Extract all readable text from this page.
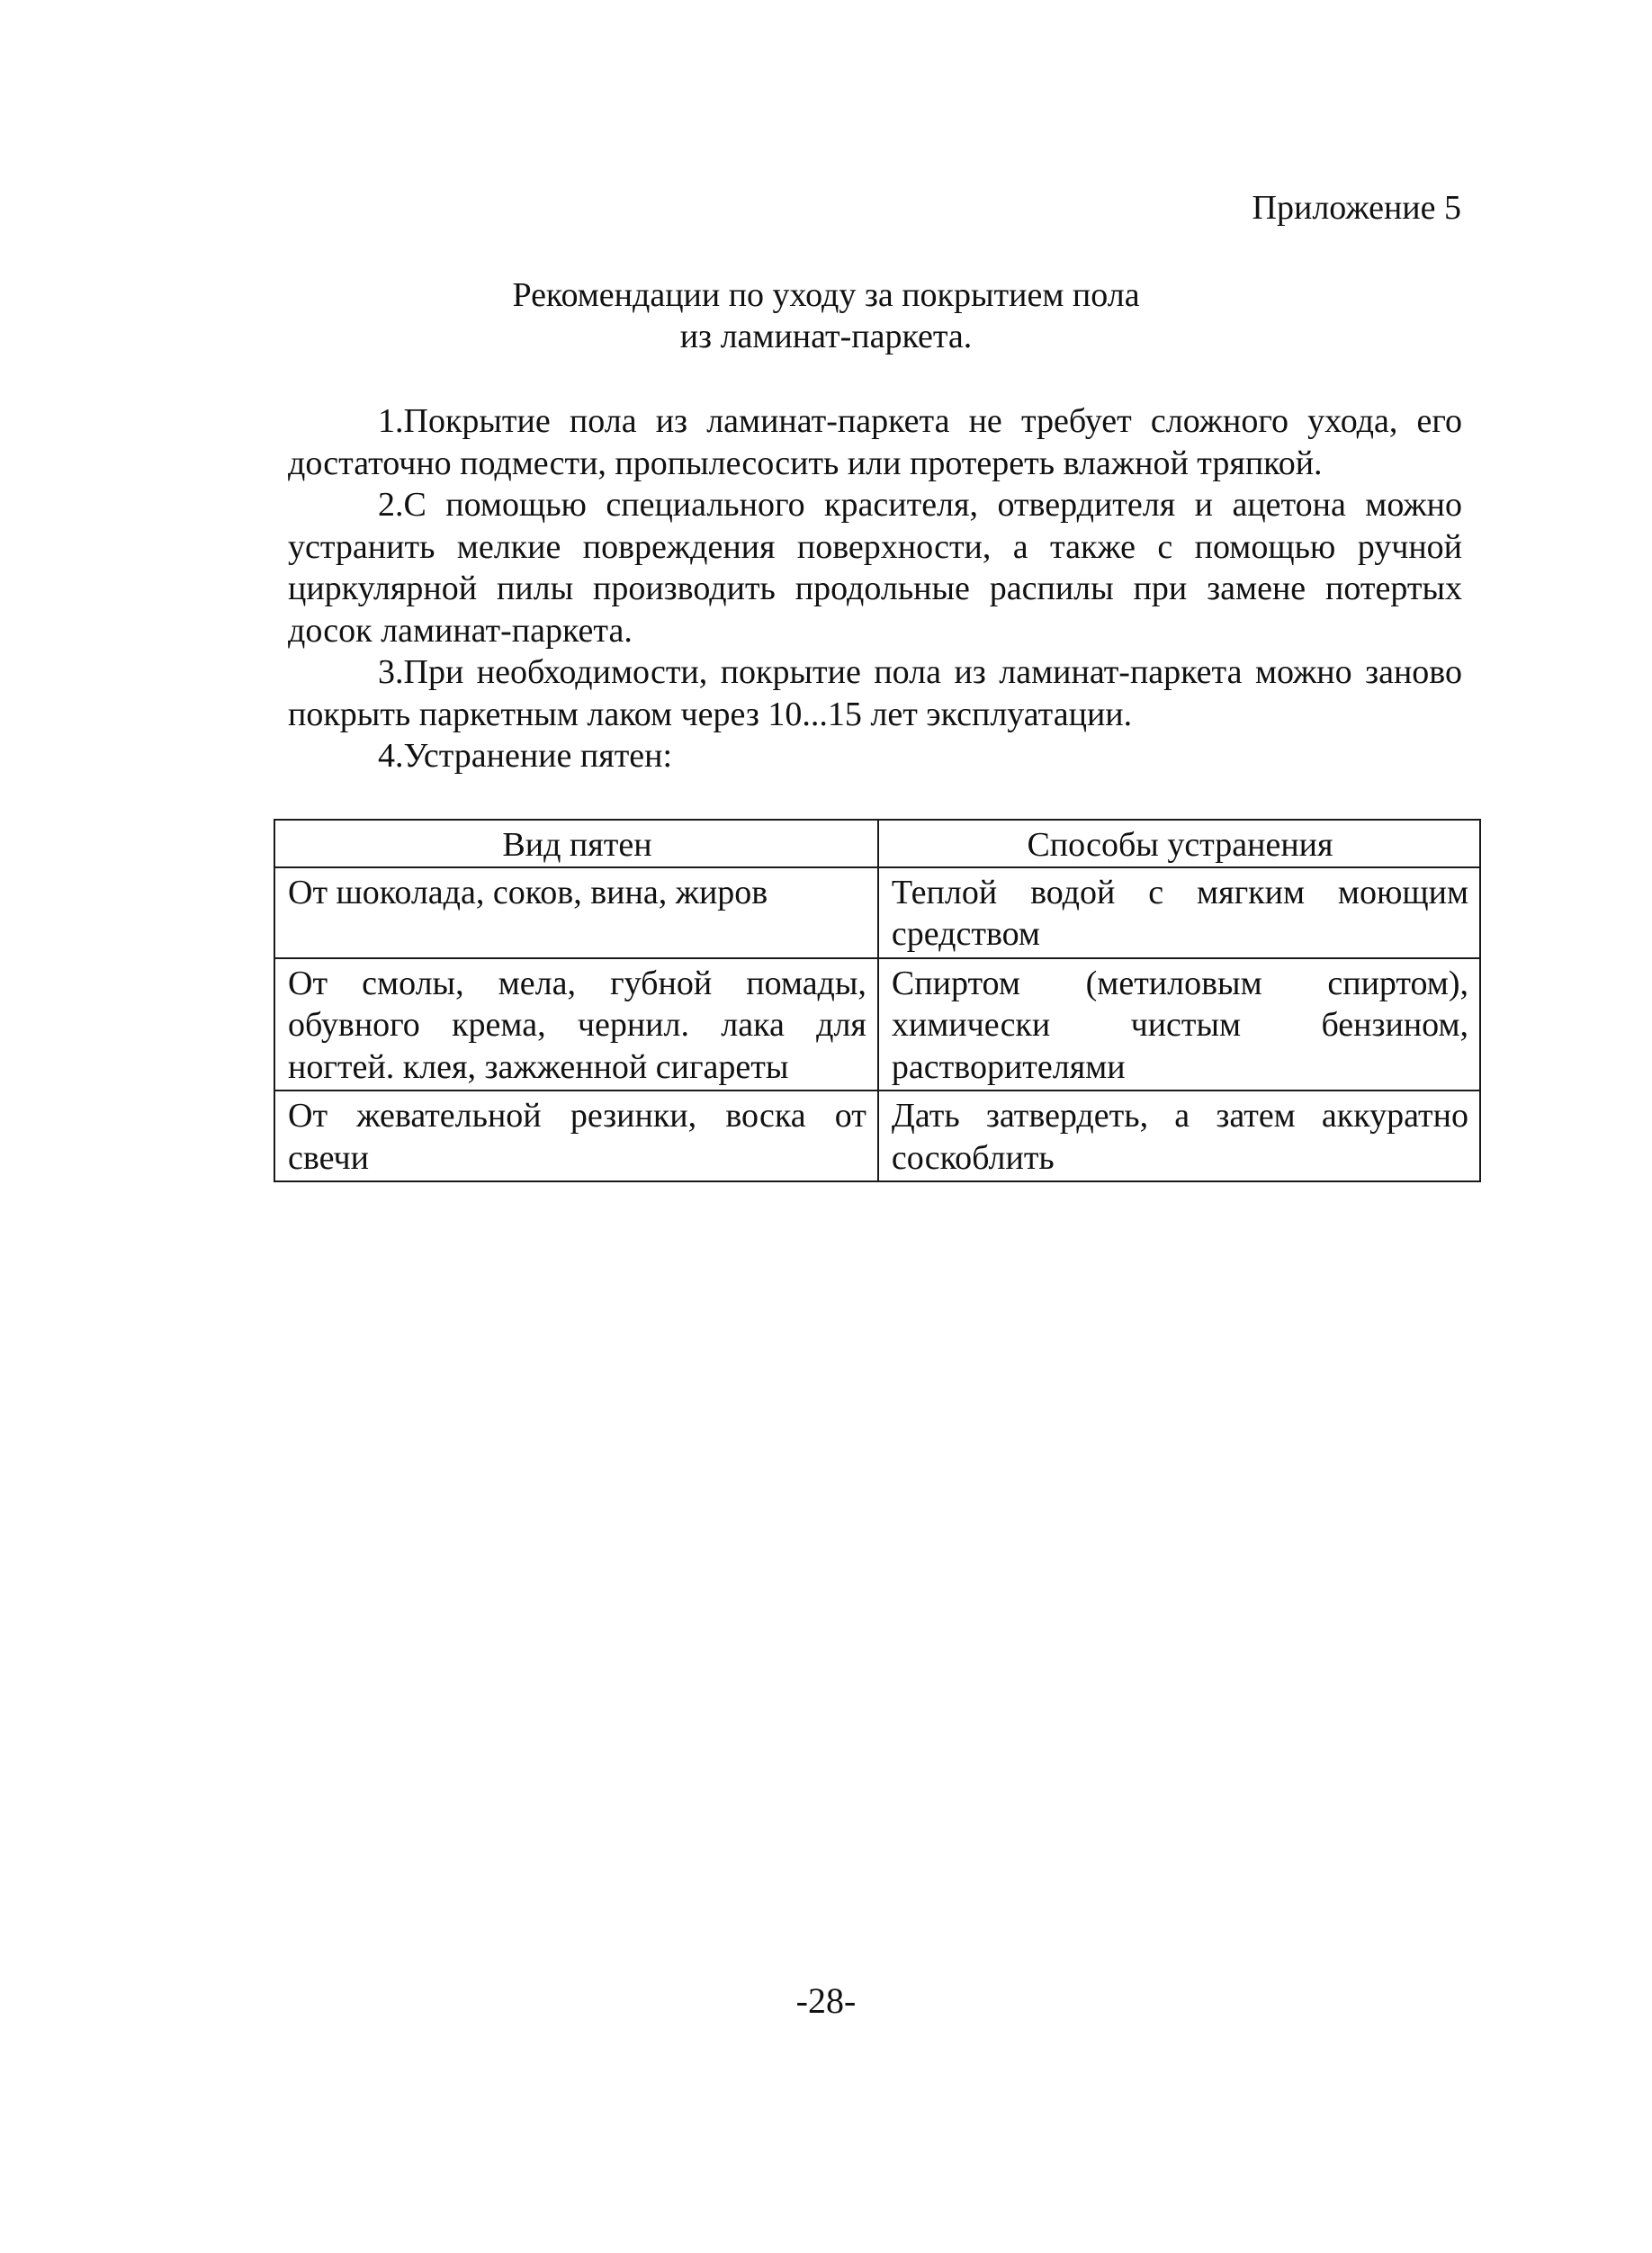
Приложение 5
Рекомендации по уходу за покрытием пола
из ламинат-паркета.

1.Покрытие пола из ламинат-паркета не требует сложного ухода, его достаточно подмести, пропылесосить или протереть влажной тряпкой.

2.С помощью специального красителя, отвердителя и ацетона можно устранить мелкие повреждения поверхности, а также с помощью ручной циркулярной пилы производить продольные распилы при замене потертых досок ламинат-паркета.

3.При необходимости, покрытие пола из ламинат-паркета можно заново покрыть паркетным лаком через 10...15 лет эксплуатации.

4.Устранение пятен:

Вид пятен	Способы устранения
От шоколада, соков, вина, жиров	Теплой водой с мягким моющим средством
От смолы, мела, губной помады, обувного крема, чернил. лака для ногтей. клея, зажженной сигареты	Спиртом (метиловым спиртом), химически чистым бензином, растворителями
От жевательной резинки, воска от свечи	Дать затвердеть, а затем аккуратно соскоблить
-28-
